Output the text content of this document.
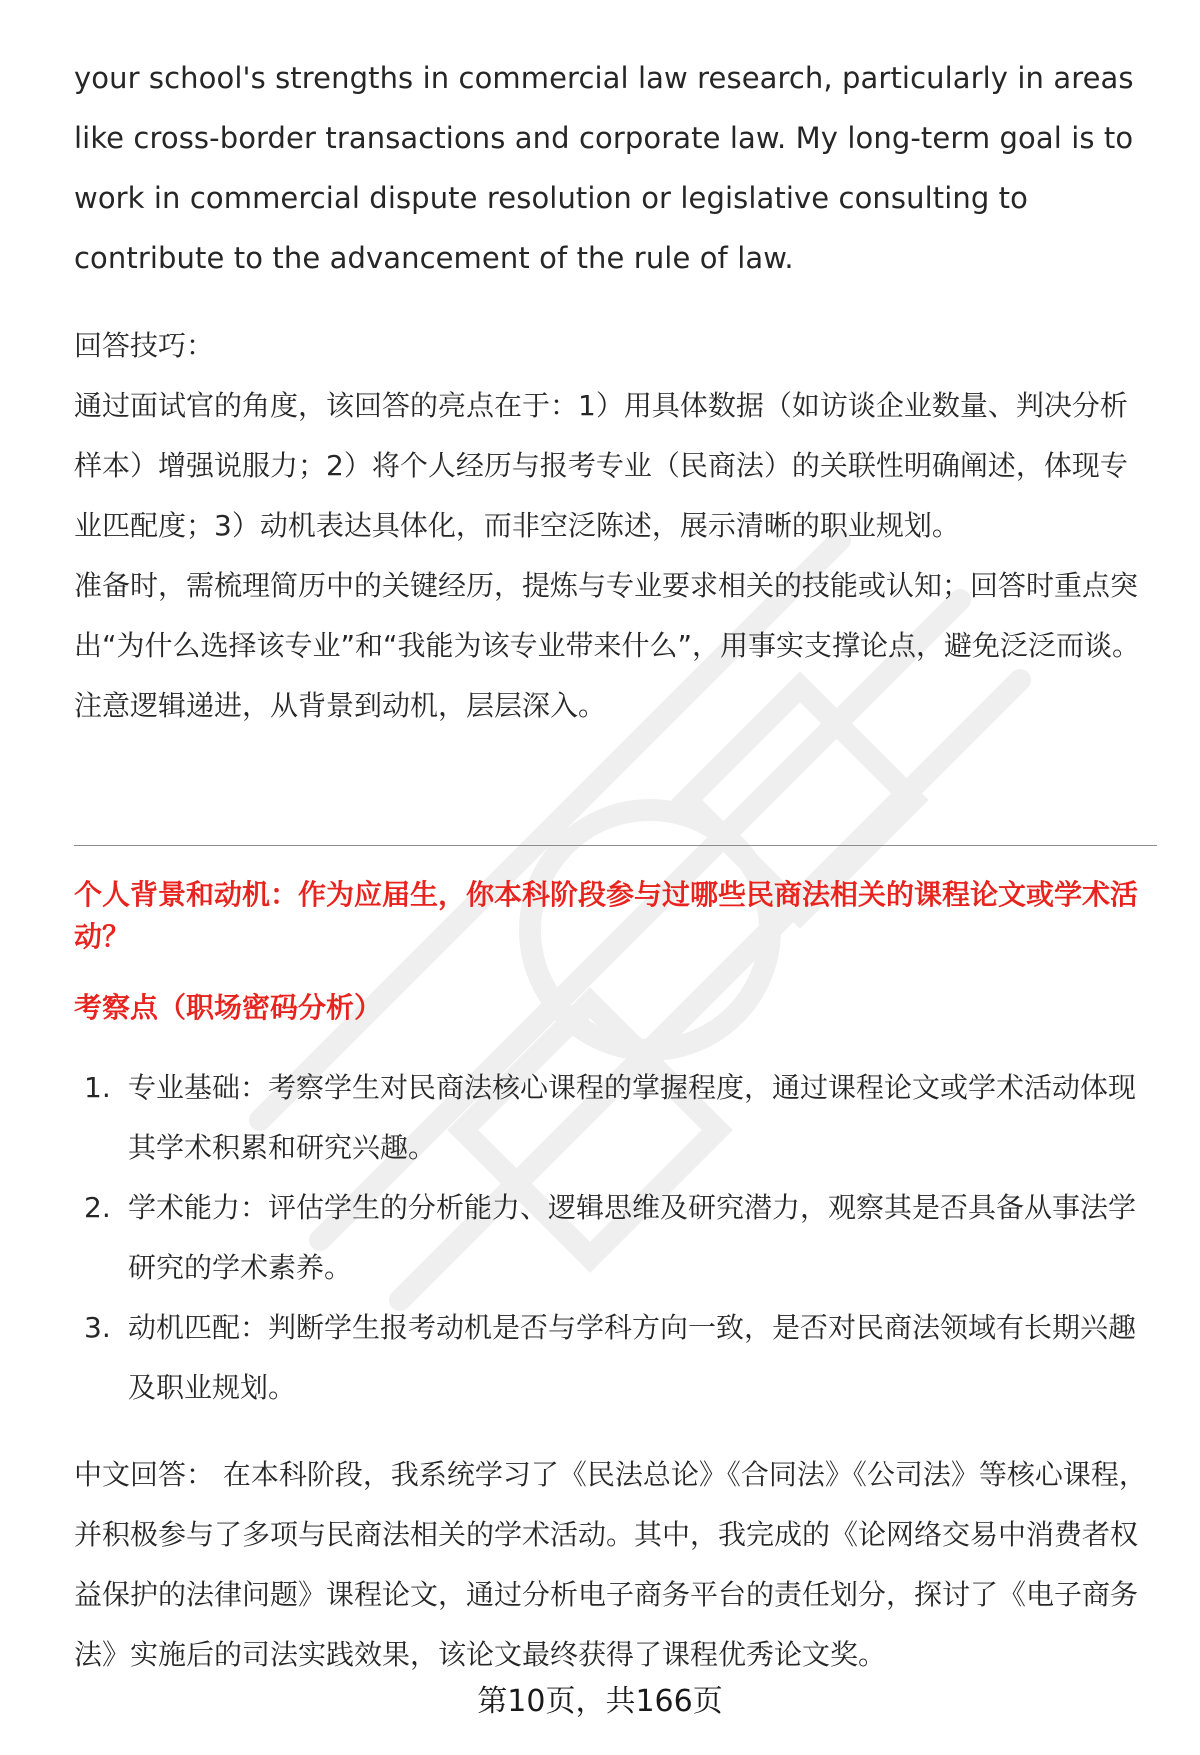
your school's strengths in commercial law research, particularly in areas like cross-border transactions and corporate law. My long-term goal is to work in commercial dispute resolution or legislative consulting to contribute to the advancement of the rule of law.

回答技巧：

通过面试官的角度，该回答的亮点在于：1）用具体数据（如访谈企业数量、判决分析样本）增强说服力；2）将个人经历与报考专业（民商法）的关联性明确阐述，体现专业匹配度；3）动机表达具体化，而非空泛陈述，展示清晰的职业规划。

准备时，需梳理简历中的关键经历，提炼与专业要求相关的技能或认知；回答时重点突出“为什么选择该专业”和“我能为该专业带来什么”，用事实支撑论点，避免泛泛而谈。注意逻辑递进，从背景到动机，层层深入。

个人背景和动机：作为应届生，你本科阶段参与过哪些民商法相关的课程论文或学术活动？

考察点（职场密码分析）

1. 专业基础：考察学生对民商法核心课程的掌握程度，通过课程论文或学术活动体现其学术积累和研究兴趣。
2. 学术能力：评估学生的分析能力、逻辑思维及研究潜力，观察其是否具备从事法学研究的学术素养。
3. 动机匹配：判断学生报考动机是否与学科方向一致，是否对民商法领域有长期兴趣及职业规划。

中文回答： 在本科阶段，我系统学习了《民法总论》《合同法》《公司法》等核心课程，并积极参与了多项与民商法相关的学术活动。其中，我完成的《论网络交易中消费者权益保护的法律问题》课程论文，通过分析电子商务平台的责任划分，探讨了《电子商务法》实施后的司法实践效果，该论文最终获得了课程优秀论文奖。

第10页，共166页
